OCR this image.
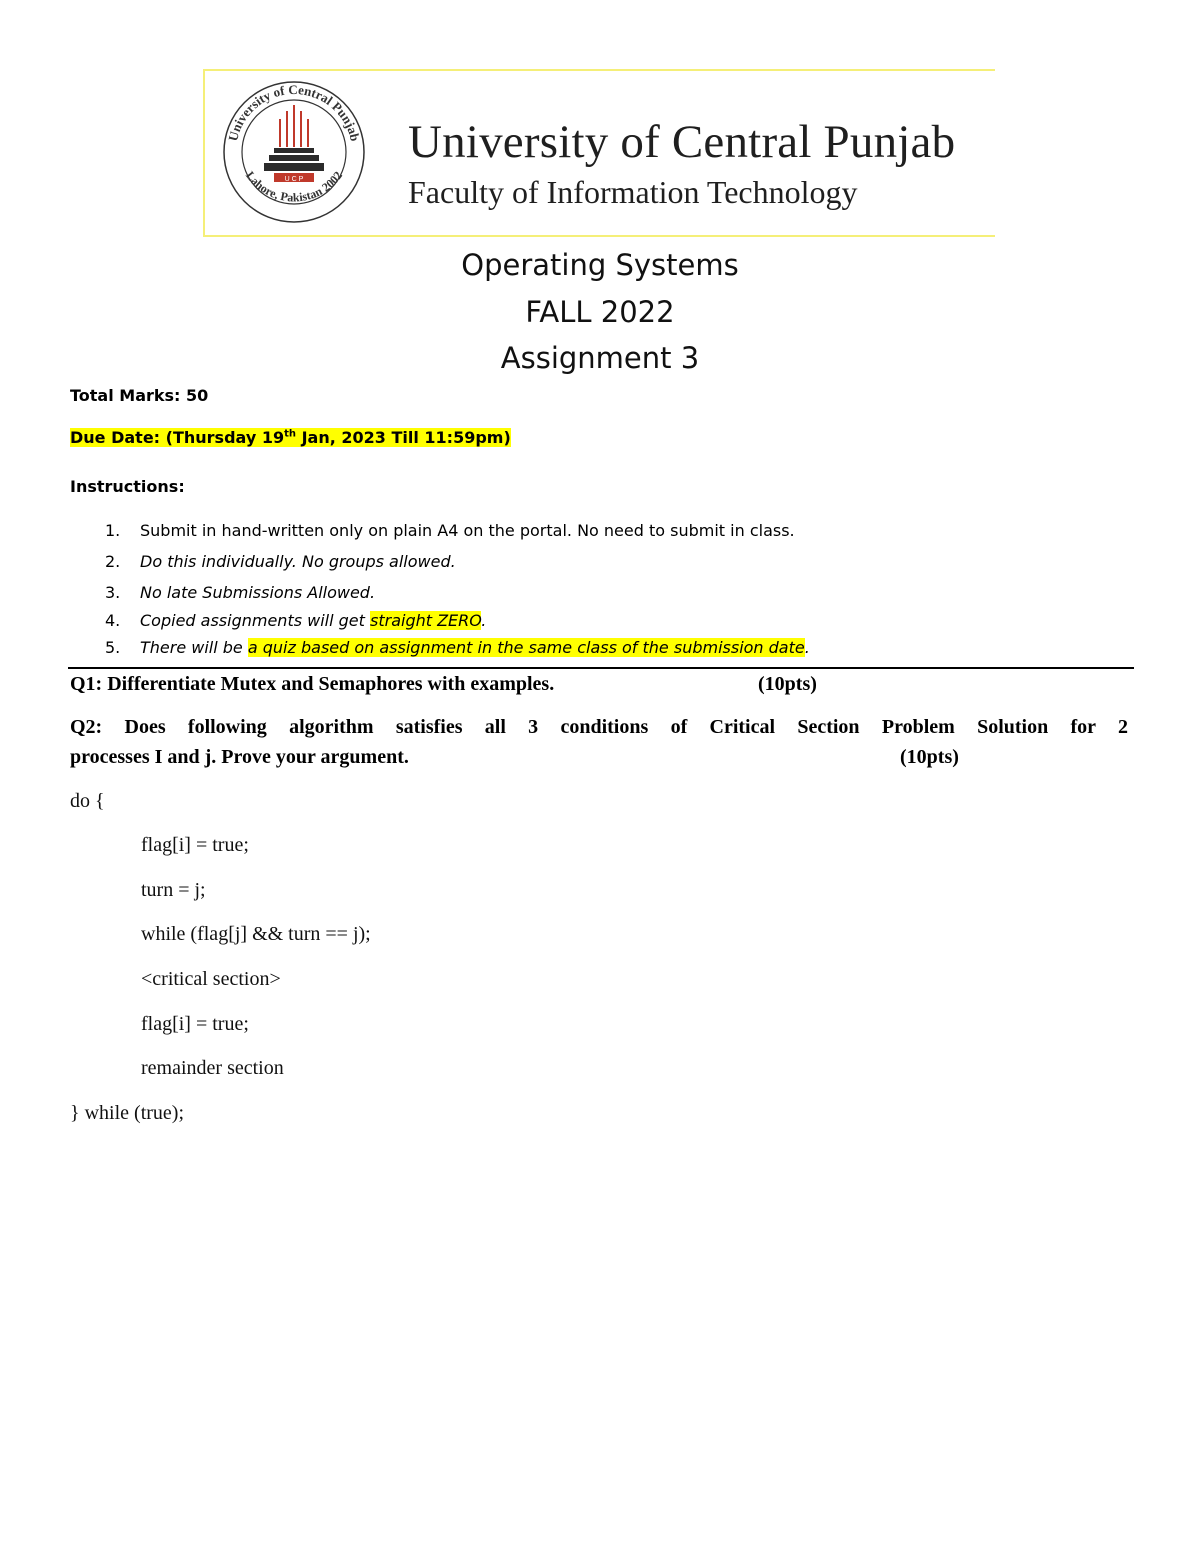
U C P
University of Central Punjab
Lahore, Pakistan 2002
University of Central Punjab
Faculty of Information Technology
Operating Systems
FALL 2022
Assignment 3
Total Marks: 50
Due Date: (Thursday 19th Jan, 2023 Till 11:59pm)
Instructions:
1. Submit in hand-written only on plain A4 on the portal. No need to submit in class.
2. Do this individually. No groups allowed.
3. No late Submissions Allowed.
4. Copied assignments will get straight ZERO.
5. There will be a quiz based on assignment in the same class of the submission date.
Q1: Differentiate Mutex and Semaphores with examples.	(10pts)
Q2: Does following algorithm satisfies all 3 conditions of Critical Section Problem Solution for 2
processes I and j. Prove your argument.	(10pts)
do {
flag[i] = true;
turn = j;
while (flag[j] && turn == j);
<critical section>
flag[i] = true;
remainder section
} while (true);
